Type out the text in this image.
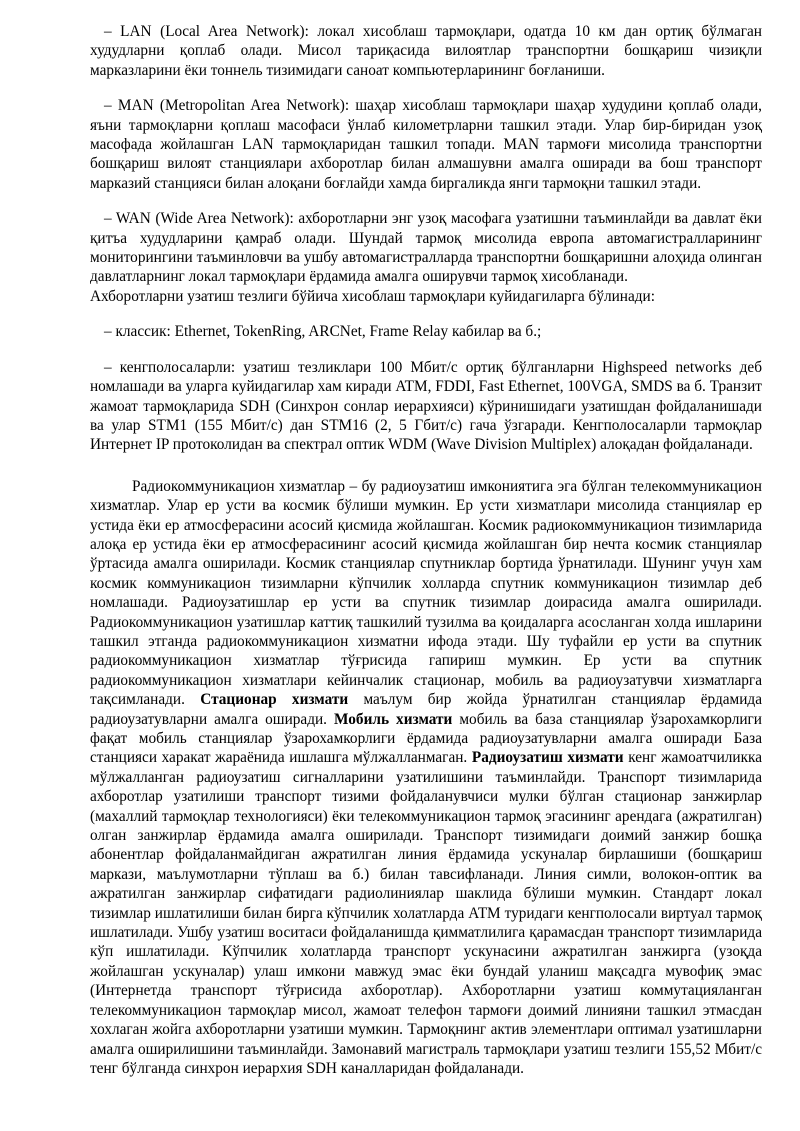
– LAN (Local Area Network): локал хисоблаш тармоқлари, одатда 10 км дан ортиқ бўлмаган худудларни қоплаб олади. Мисол тариқасида вилоятлар транспортни бошқариш чизиқли марказларини ёки тоннель тизимидаги саноат компьютерларининг боғланиши.

– MAN (Metropolitan Area Network): шаҳар хисоблаш тармоқлари шаҳар худудини қоплаб олади, яъни тармоқларни қоплаш масофаси ўнлаб километрларни ташкил этади. Улар бир-биридан узоқ масофада жойлашган LAN тармоқларидан ташкил топади. MAN тармоғи мисолида транспортни бошқариш вилоят станциялари ахборотлар билан алмашувни амалга оширади ва бош транспорт марказий станцияси билан алоқани боғлайди хамда биргаликда янги тармоқни ташкил этади.

– WAN (Wide Area Network): ахборотларни энг узоқ масофага узатишни таъминлайди ва давлат ёки қитъа худудларини қамраб олади. Шундай тармоқ мисолида европа автомагистралларининг мониторингини таъминловчи ва ушбу автомагистралларда транспортни бошқаришни алоҳида олинган давлатларнинг локал тармоқлари ёрдамида амалга оширувчи тармоқ хисобланади.

Ахборотларни узатиш тезлиги бўйича хисоблаш тармоқлари куйидагиларга бўлинади:

– классик: Ethernet, TokenRing, ARCNet, Frame Relay кабилар ва б.;

– кенгполосаларли: узатиш тезликлари 100 Мбит/с ортиқ бўлганларни Highspeed networks деб номлашади ва уларга куйидагилар хам киради ATM, FDDI, Fast Ethernet, 100VGA, SMDS ва б. Транзит жамоат тармоқларида SDH (Синхрон сонлар иерархияси) кўринишидаги узатишдан фойдаланишади ва улар STM1 (155 Мбит/с) дан STM16 (2, 5 Гбит/с) гача ўзгаради. Кенгполосаларли тармоқлар Интернет IP протоколидан ва спектрал оптик WDM (Wave Division Multiplex) алоқадан фойдаланади.

Радиокоммуникацион хизматлар – бу радиоузатиш имкониятига эга бўлган телекоммуникацион хизматлар. Улар ер усти ва космик бўлиши мумкин. Ер усти хизматлари мисолида станциялар ер устида ёки ер атмосферасини асосий қисмида жойлашган. Космик радиокоммуникацион тизимларида алоқа ер устида ёки ер атмосферасининг асосий қисмида жойлашган бир нечта космик станциялар ўртасида амалга оширилади. Космик станциялар спутниклар бортида ўрнатилади. Шунинг учун хам космик коммуникацион тизимларни кўпчилик холларда спутник коммуникацион тизимлар деб номлашади. Радиоузатишлар ер усти ва спутник тизимлар доирасида амалга оширилади. Радиокоммуникацион узатишлар каттиқ ташкилий тузилма ва қоидаларга асосланган холда ишларини ташкил этганда радиокоммуникацион хизматни ифода этади. Шу туфайли ер усти ва спутник радиокоммуникацион хизматлар тўғрисида гапириш мумкин. Ер усти ва спутник радиокоммуникацион хизматлари кейинчалик стационар, мобиль ва радиоузатувчи хизматларга тақсимланади. Стационар хизмати маълум бир жойда ўрнатилган станциялар ёрдамида радиоузатувларни амалга оширади. Мобиль хизмати мобиль ва база станциялар ўзарохамкорлиги фақат мобиль станциялар ўзарохамкорлиги ёрдамида радиоузатувларни амалга оширади База станцияси харакат жараёнида ишлашга мўлжалланмаган. Радиоузатиш хизмати кенг жамоатчиликка мўлжалланган радиоузатиш сигналларини узатилишини таъминлайди. Транспорт тизимларида ахборотлар узатилиши транспорт тизими фойдаланувчиси мулки бўлган стационар занжирлар (махаллий тармоқлар технологияси) ёки телекоммуникацион тармоқ эгасининг арендага (ажратилган) олган занжирлар ёрдамида амалга оширилади. Транспорт тизимидаги доимий занжир бошқа абонентлар фойдаланмайдиган ажратилган линия ёрдамида ускуналар бирлашиши (бошқариш маркази, маълумотларни тўплаш ва б.) билан тавсифланади. Линия симли, волокон-оптик ва ажратилган занжирлар сифатидаги радиолиниялар шаклида бўлиши мумкин. Стандарт локал тизимлар ишлатилиши билан бирга кўпчилик холатларда АТМ туридаги кенгполосали виртуал тармоқ ишлатилади. Ушбу узатиш воситаси фойдаланишда қимматлилига қарамасдан транспорт тизимларида кўп ишлатилади. Кўпчилик холатларда транспорт ускунасини ажратилган занжирга (узоқда жойлашган ускуналар) улаш имкони мавжуд эмас ёки бундай уланиш мақсадга мувофиқ эмас (Интернетда транспорт тўғрисида ахборотлар). Ахборотларни узатиш коммутацияланган телекоммуникацион тармоқлар мисол, жамоат телефон тармоғи доимий линияни ташкил этмасдан хохлаган жойга ахборотларни узатиши мумкин. Тармоқнинг актив элементлари оптимал узатишларни амалга оширилишини таъминлайди. Замонавий магистраль тармоқлари узатиш тезлиги 155,52 Мбит/с тенг бўлганда синхрон иерархия SDH каналларидан фойдаланади.
